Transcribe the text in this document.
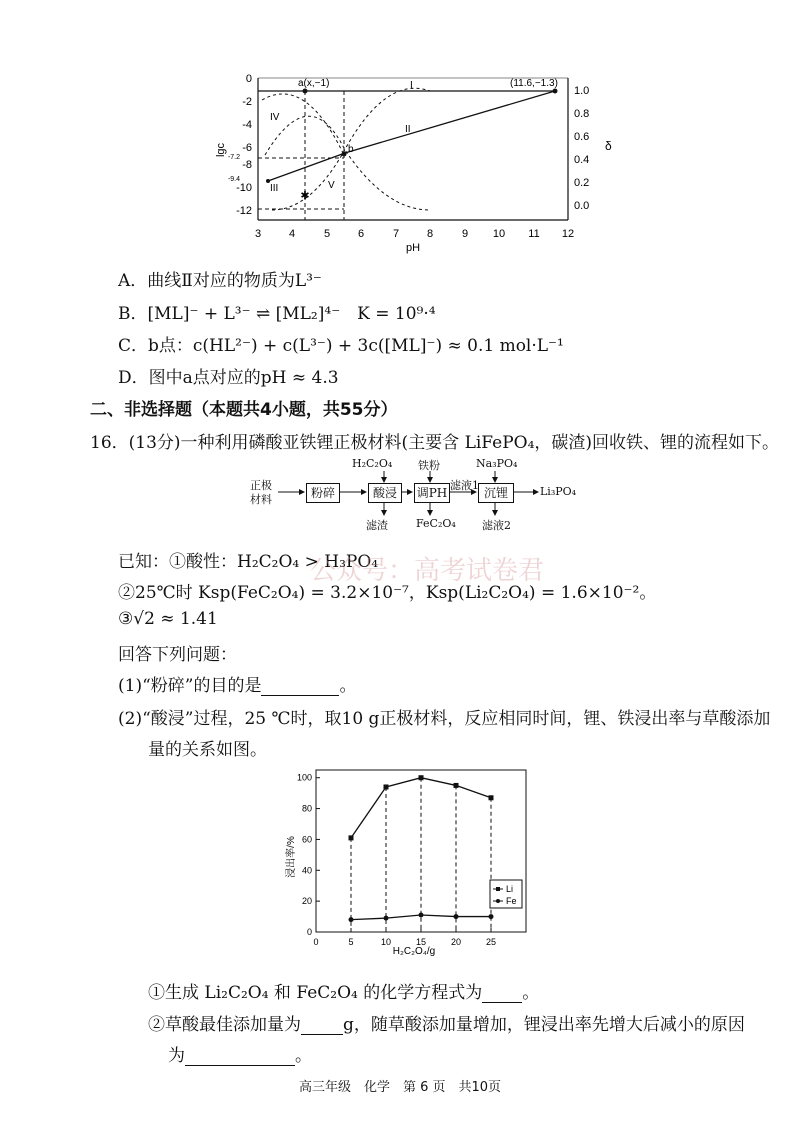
3	4	5	6	7	8	9 10 11 12
pH
0
-2
-4
-6
-8
-10
-12
-7.2
-9.4
lgc
1.0
0.8
0.6
0.4
0.2
0.0
δ
✱
a(x,−1)	(11.6,−1.3)
b
I
II
III
IV
V
A．曲线Ⅱ对应的物质为L³⁻
B．[ML]⁻ + L³⁻ ⇌ [ML₂]⁴⁻　K = 10⁹·⁴
C．b点：c(HL²⁻) + c(L³⁻) + 3c([ML]⁻) ≈ 0.1 mol·L⁻¹
D．图中a点对应的pH ≈ 4.3
二、非选择题（本题共4小题，共55分）
16．(13分)一种利用磷酸亚铁锂正极材料(主要含 LiFePO₄，碳渣)回收铁、锂的流程如下。
正极材料	粉碎	酸浸	调PH	沉锂
H₂C₂O₄ 铁粉	Na₃PO₄
滤渣	FeC₂O₄ 滤液2
滤液1	Li₃PO₄
已知：①酸性：H₂C₂O₄ > H₃PO₄
②25℃时 Ksp(FeC₂O₄) = 3.2×10⁻⁷，Ksp(Li₂C₂O₄) = 1.6×10⁻²。
③√2 ≈ 1.41
公众号：高考试卷君
回答下列问题：
(1)“粉碎”的目的是	。
(2)“酸浸”过程，25 ℃时，取10 g正极材料，反应相同时间，锂、铁浸出率与草酸添加
量的关系如图。
浸出率/%
H₂C₂O₄/g
0	5	10	15	20	25
0
20
40
60
80
100
Li
Fe
①生成 Li₂C₂O₄ 和 FeC₂O₄ 的化学方程式为 。
②草酸最佳添加量为 g，随草酸添加量增加，锂浸出率先增大后减小的原因
为	。
高三年级　化学　第 6 页　共10页
